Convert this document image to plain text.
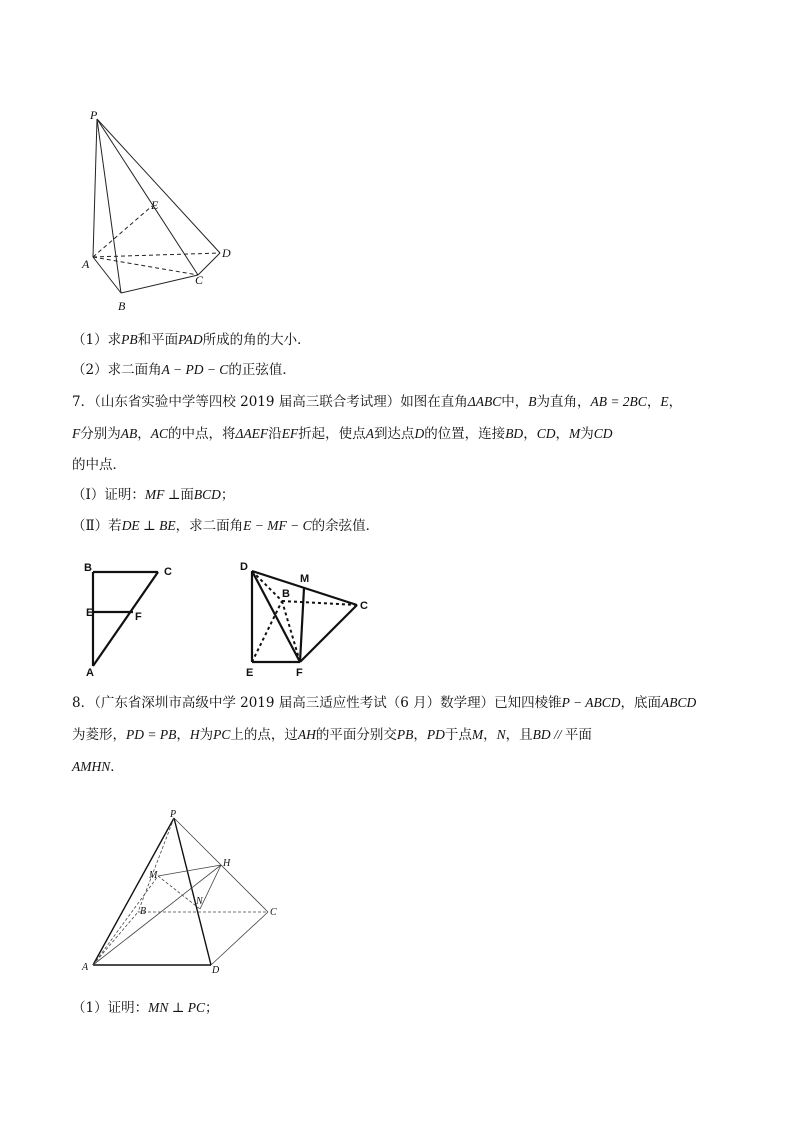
P
E
A
D
C
B
（1）求PB和平面PAD所成的角的大小．
（2）求二面角A − PD − C的正弦值．
7．（山东省实验中学等四校 2019 届高三联合考试理）如图在直角ΔABC中，B为直角，AB = 2BC，E，
F分别为AB，AC的中点，将ΔAEF沿EF折起，使点A到达点D的位置，连接BD，CD，M为CD
的中点．
（Ⅰ）证明：MF ⊥面BCD；
（Ⅱ）若DE ⊥ BE，求二面角E − MF − C的余弦值．
B	C
E	F
A
D
M
B
C
E	F
8．（广东省深圳市高级中学 2019 届高三适应性考试（6 月）数学理）已知四棱锥P − ABCD，底面ABCD
为菱形，PD = PB，H为PC上的点，过AH的平面分别交PB，PD于点M，N，且BD // 平面
AMHN．
P
M
H
B
N
C
A	D
（1）证明：MN ⊥ PC；
